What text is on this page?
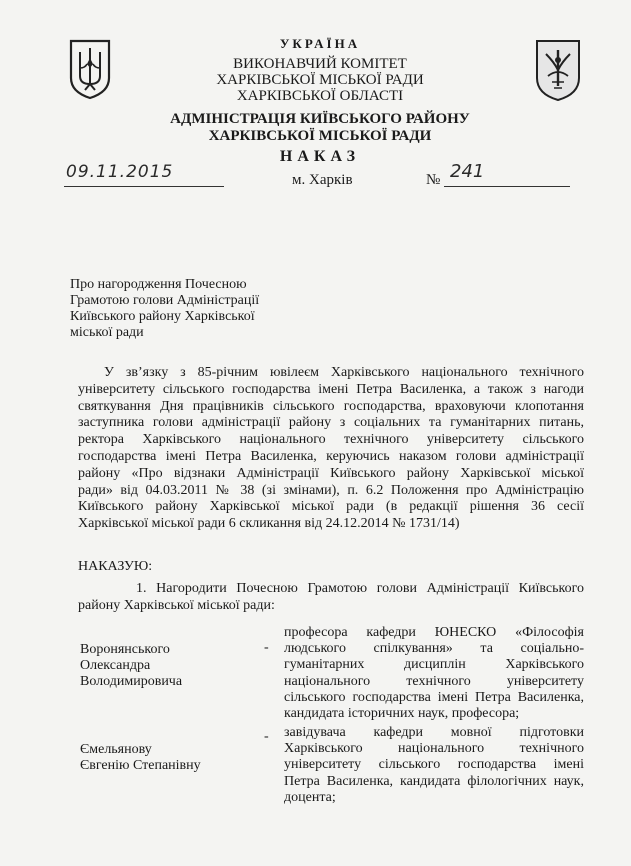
УКРАЇНА
ВИКОНАВЧИЙ КОМІТЕТ
ХАРКІВСЬКОЇ МІСЬКОЇ РАДИ
ХАРКІВСЬКОЇ ОБЛАСТІ
АДМІНІСТРАЦІЯ КИЇВСЬКОГО РАЙОНУ
ХАРКІВСЬКОЇ МІСЬКОЇ РАДИ
НАКАЗ
09.11.2015	м. Харків	№ 241
Про нагородження Почесною
Грамотою голови Адміністрації
Київського району Харківської
міської ради
У зв’язку з 85-річним ювілеєм Харківського національного технічного
університету сільського господарства імені Петра Василенка, а також з нагоди
святкування Дня працівників сільського господарства, враховуючи клопотання
заступника голови адміністрації району з соціальних та гуманітарних питань,
ректора Харківського національного технічного університету сільського
господарства імені Петра Василенка, керуючись наказом голови адміністрації
району «Про відзнаки Адміністрації Київського району Харківської міської
ради» від 04.03.2011 № 38 (зі змінами), п. 6.2 Положення про Адміністрацію
Київського району Харківської міської ради (в редакції рішення 36 сесії
Харківської міської ради 6 скликання від 24.12.2014 № 1731/14)
НАКАЗУЮ:
1. Нагородити Почесною Грамотою голови Адміністрації Київського
району Харківської міської ради:
Воронянського
Олександра
Володимировича
-
професора кафедри ЮНЕСКО «Філософія
людського спілкування» та соціально-
гуманітарних дисциплін Харківського
національного технічного університету
сільського господарства імені Петра Василенка,
кандидата історичних наук, професора;
Ємельянову
Євгенію Степанівну
- завідувача кафедри мовної підготовки
Харківського національного технічного
університету сільського господарства імені
Петра Василенка, кандидата філологічних наук,
доцента;
